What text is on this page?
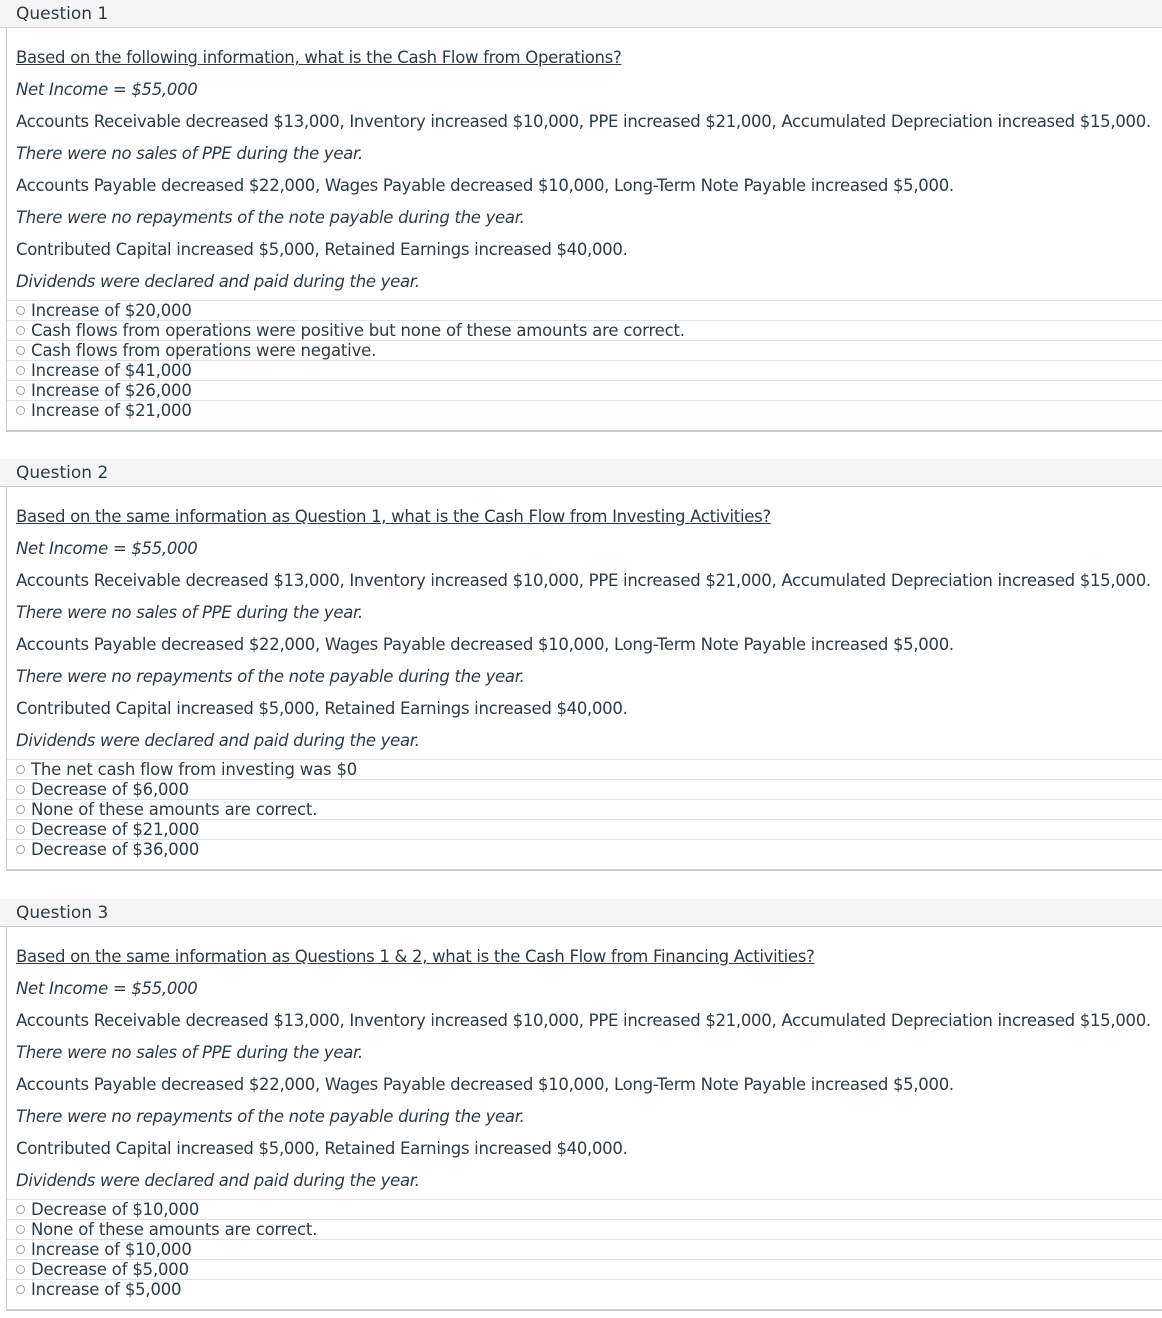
Question 1

Based on the following information, what is the Cash Flow from Operations?

Net Income = $55,000

Accounts Receivable decreased $13,000, Inventory increased $10,000, PPE increased $21,000, Accumulated Depreciation increased $15,000.

There were no sales of PPE during the year.

Accounts Payable decreased $22,000, Wages Payable decreased $10,000, Long-Term Note Payable increased $5,000.

There were no repayments of the note payable during the year.

Contributed Capital increased $5,000, Retained Earnings increased $40,000.

Dividends were declared and paid during the year.

Increase of $20,000
Cash flows from operations were positive but none of these amounts are correct.
Cash flows from operations were negative.
Increase of $41,000
Increase of $26,000
Increase of $21,000
Question 2

Based on the same information as Question 1, what is the Cash Flow from Investing Activities?

Net Income = $55,000

Accounts Receivable decreased $13,000, Inventory increased $10,000, PPE increased $21,000, Accumulated Depreciation increased $15,000.

There were no sales of PPE during the year.

Accounts Payable decreased $22,000, Wages Payable decreased $10,000, Long-Term Note Payable increased $5,000.

There were no repayments of the note payable during the year.

Contributed Capital increased $5,000, Retained Earnings increased $40,000.

Dividends were declared and paid during the year.

The net cash flow from investing was $0
Decrease of $6,000
None of these amounts are correct.
Decrease of $21,000
Decrease of $36,000
Question 3

Based on the same information as Questions 1 & 2, what is the Cash Flow from Financing Activities?

Net Income = $55,000

Accounts Receivable decreased $13,000, Inventory increased $10,000, PPE increased $21,000, Accumulated Depreciation increased $15,000.

There were no sales of PPE during the year.

Accounts Payable decreased $22,000, Wages Payable decreased $10,000, Long-Term Note Payable increased $5,000.

There were no repayments of the note payable during the year.

Contributed Capital increased $5,000, Retained Earnings increased $40,000.

Dividends were declared and paid during the year.

Decrease of $10,000
None of these amounts are correct.
Increase of $10,000
Decrease of $5,000
Increase of $5,000
